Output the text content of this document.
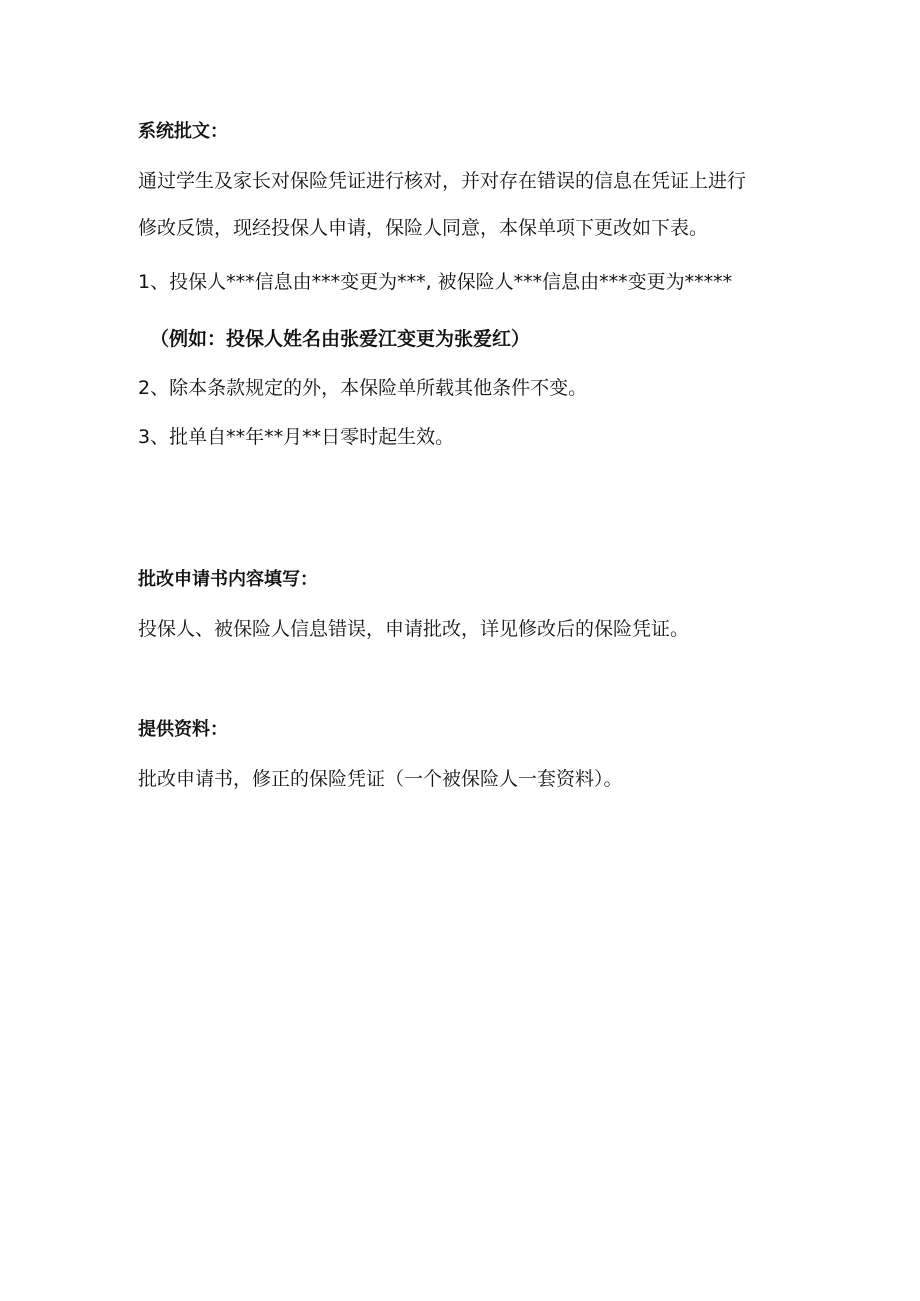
系统批文：
通过学生及家长对保险凭证进行核对，并对存在错误的信息在凭证上进行
修改反馈，现经投保人申请，保险人同意，本保单项下更改如下表。
1、投保人***信息由***变更为***, 被保险人***信息由***变更为*****
（例如：投保人姓名由张爱江变更为张爱红）
2、除本条款规定的外，本保险单所载其他条件不变。
3、批单自**年**月**日零时起生效。
批改申请书内容填写：
投保人、被保险人信息错误，申请批改，详见修改后的保险凭证。
提供资料：
批改申请书，修正的保险凭证（一个被保险人一套资料）。
